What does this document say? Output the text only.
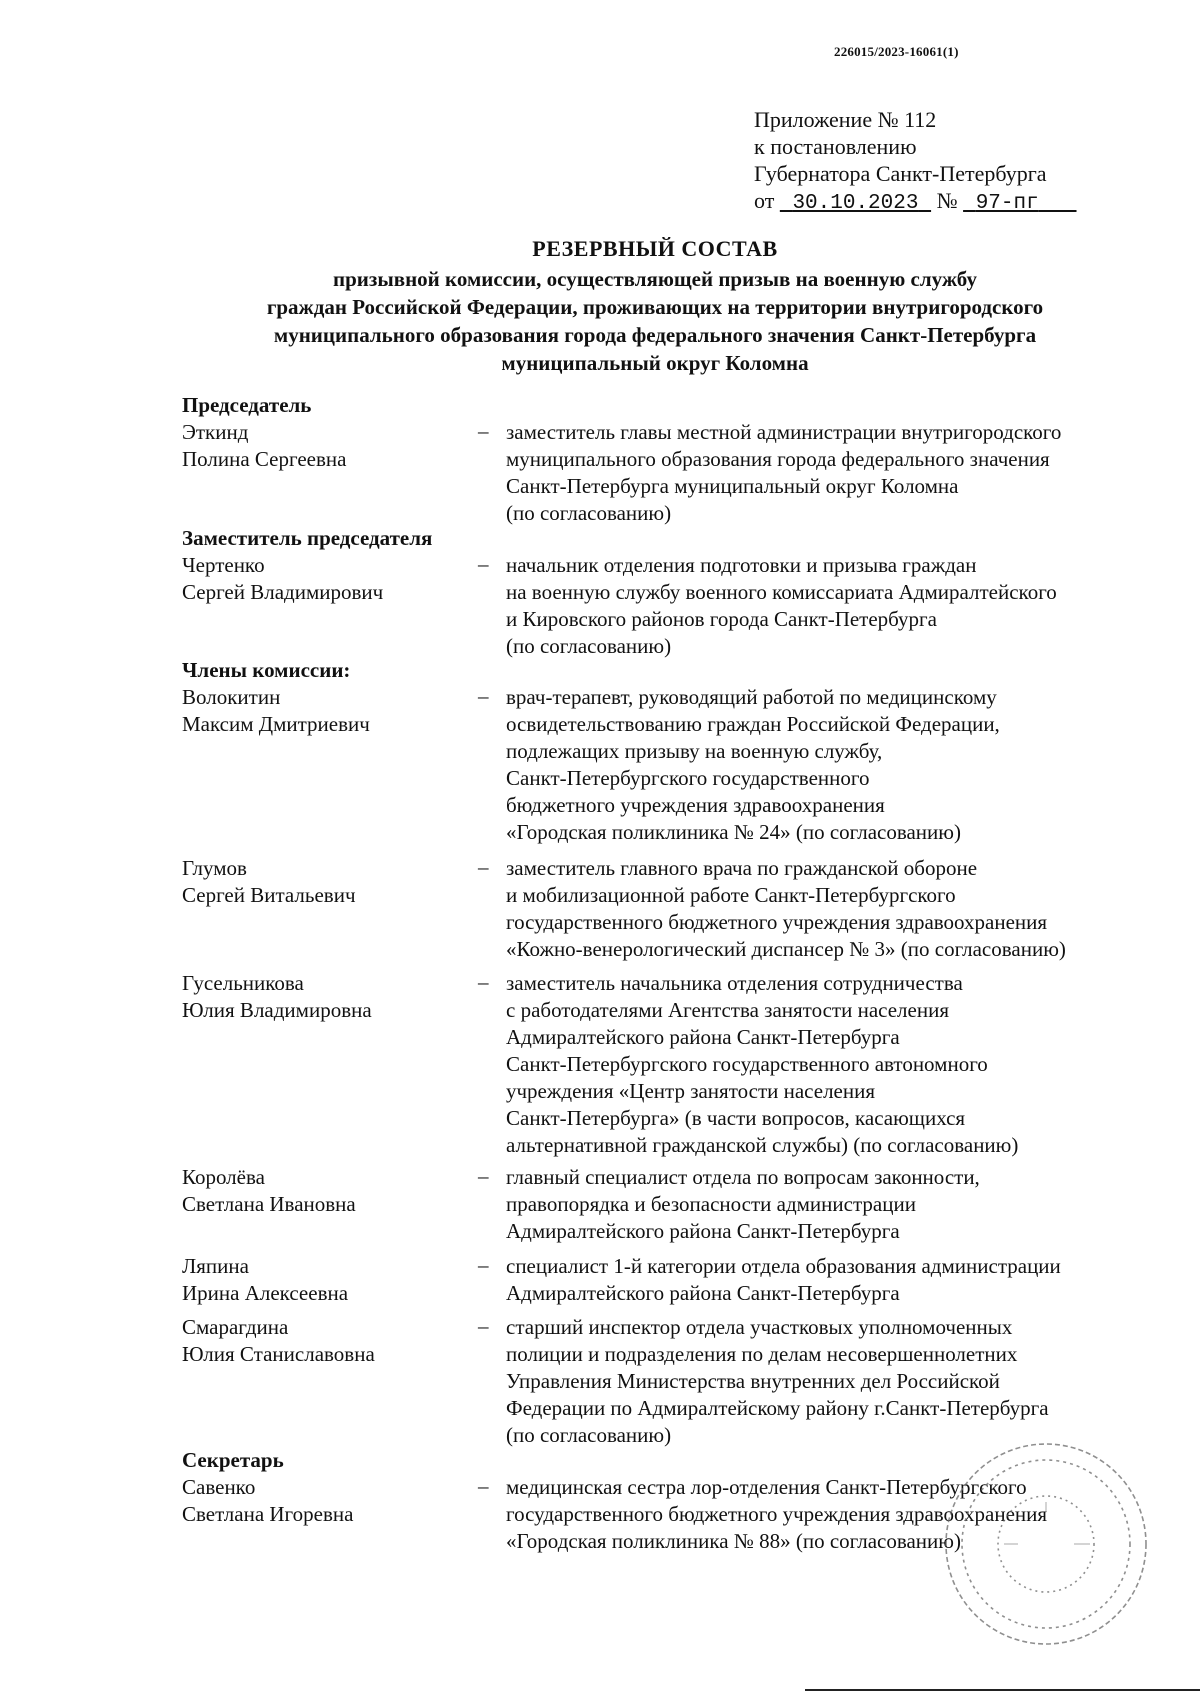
226015/2023-16061(1)
Приложение № 112
к постановлению
Губернатора Санкт-Петербурга
от 30.10.2023 № 97-пг
РЕЗЕРВНЫЙ СОСТАВ
призывной комиссии, осуществляющей призыв на военную службу
граждан Российской Федерации, проживающих на территории внутригородского
муниципального образования города федерального значения Санкт-Петербурга
муниципальный округ Коломна
Председатель
Эткинд
Полина Сергеевна
– заместитель главы местной администрации внутригородского
муниципального образования города федерального значения
Санкт-Петербурга муниципальный округ Коломна
(по согласованию)
Заместитель председателя
Чертенко
Сергей Владимирович
– начальник отделения подготовки и призыва граждан
на военную службу военного комиссариата Адмиралтейского
и Кировского районов города Санкт-Петербурга
(по согласованию)
Члены комиссии:
Волокитин
Максим Дмитриевич
– врач-терапевт, руководящий работой по медицинскому
освидетельствованию граждан Российской Федерации,
подлежащих призыву на военную службу,
Санкт-Петербургского государственного
бюджетного учреждения здравоохранения
«Городская поликлиника № 24» (по согласованию)
Глумов
Сергей Витальевич
– заместитель главного врача по гражданской обороне
и мобилизационной работе Санкт-Петербургского
государственного бюджетного учреждения здравоохранения
«Кожно-венерологический диспансер № 3» (по согласованию)
Гусельникова
Юлия Владимировна
– заместитель начальника отделения сотрудничества
с работодателями Агентства занятости населения
Адмиралтейского района Санкт-Петербурга
Санкт-Петербургского государственного автономного
учреждения «Центр занятости населения
Санкт-Петербурга» (в части вопросов, касающихся
альтернативной гражданской службы) (по согласованию)
Королёва
Светлана Ивановна
– главный специалист отдела по вопросам законности,
правопорядка и безопасности администрации
Адмиралтейского района Санкт-Петербурга
Ляпина
Ирина Алексеевна
– специалист 1-й категории отдела образования администрации
Адмиралтейского района Санкт-Петербурга
Смарагдина
Юлия Станиславовна
– старший инспектор отдела участковых уполномоченных
полиции и подразделения по делам несовершеннолетних
Управления Министерства внутренних дел Российской
Федерации по Адмиралтейскому району г.Санкт-Петербурга
(по согласованию)
Секретарь
Савенко
Светлана Игоревна
– медицинская сестра лор-отделения Санкт-Петербургского
государственного бюджетного учреждения здравоохранения
«Городская поликлиника № 88» (по согласованию)
